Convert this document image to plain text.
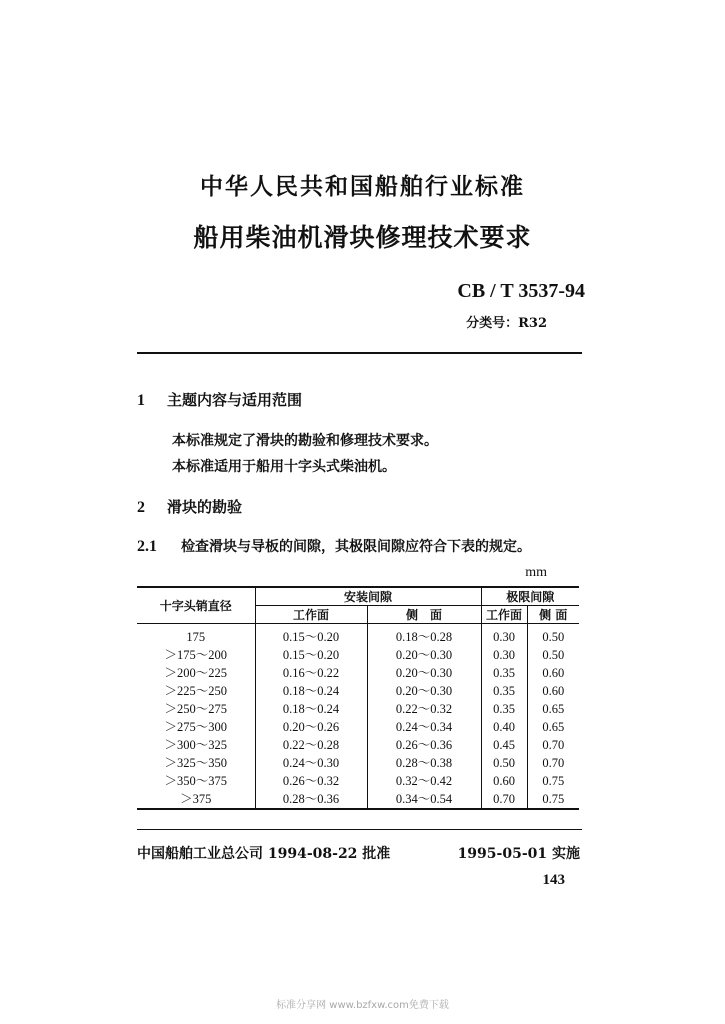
中华人民共和国船舶行业标准
船用柴油机滑块修理技术要求
CB / T 3537-94
分类号：R32
1 主题内容与适用范围
本标准规定了滑块的勘验和修理技术要求。
本标准适用于船用十字头式柴油机。
2 滑块的勘验
2.1 检查滑块与导板的间隙，其极限间隙应符合下表的规定。
mm
十字头销直径	安装间隙		极限间隙	
	工作面	侧　面	工作面	侧 面
175	0.15～0.20	0.18～0.28	0.30	0.50
＞175～200	0.15～0.20	0.20～0.30	0.30	0.50
＞200～225	0.16～0.22	0.20～0.30	0.35	0.60
＞225～250	0.18～0.24	0.20～0.30	0.35	0.60
＞250～275	0.18～0.24	0.22～0.32	0.35	0.65
＞275～300	0.20～0.26	0.24～0.34	0.40	0.65
＞300～325	0.22～0.28	0.26～0.36	0.45	0.70
＞325～350	0.24～0.30	0.28～0.38	0.50	0.70
＞350～375	0.26～0.32	0.32～0.42	0.60	0.75
＞375	0.28～0.36	0.34～0.54	0.70	0.75
中国船舶工业总公司 1994-08-22 批准	1995-05-01 实施
143
标准分享网 www.bzfxw.com免费下载
